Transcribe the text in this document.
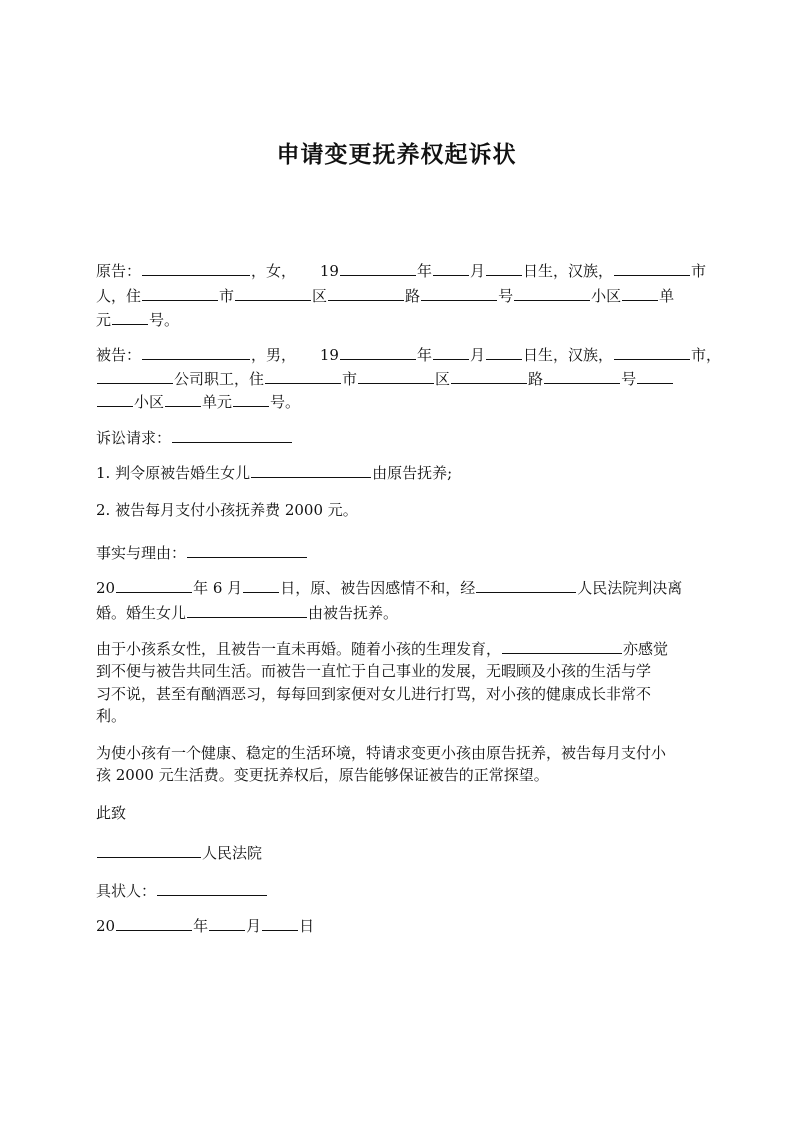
申请变更抚养权起诉状
原告：	，女， 19	年	月	日生，汉族，	市
人，住	市	区	路	号	小区	单
元	号。
被告：	，男， 19	年	月	日生，汉族，	市，
公司职工，住	市	区	路	号
小区	单元	号。
诉讼请求：
1. 判令原被告婚生女儿	由原告抚养;
2. 被告每月支付小孩抚养费 2000 元。
事实与理由：
20	年 6 月	日，原、被告因感情不和，经	人民法院判决离
婚。婚生女儿	由被告抚养。
由于小孩系女性，且被告一直未再婚。随着小孩的生理发育，	亦感觉
到不便与被告共同生活。而被告一直忙于自己事业的发展，无暇顾及小孩的生活与学
习不说，甚至有酗酒恶习，每每回到家便对女儿进行打骂，对小孩的健康成长非常不
利。
为使小孩有一个健康、稳定的生活环境，特请求变更小孩由原告抚养，被告每月支付小
孩 2000 元生活费。变更抚养权后，原告能够保证被告的正常探望。
此致
人民法院
具状人：
20	年	月	日
